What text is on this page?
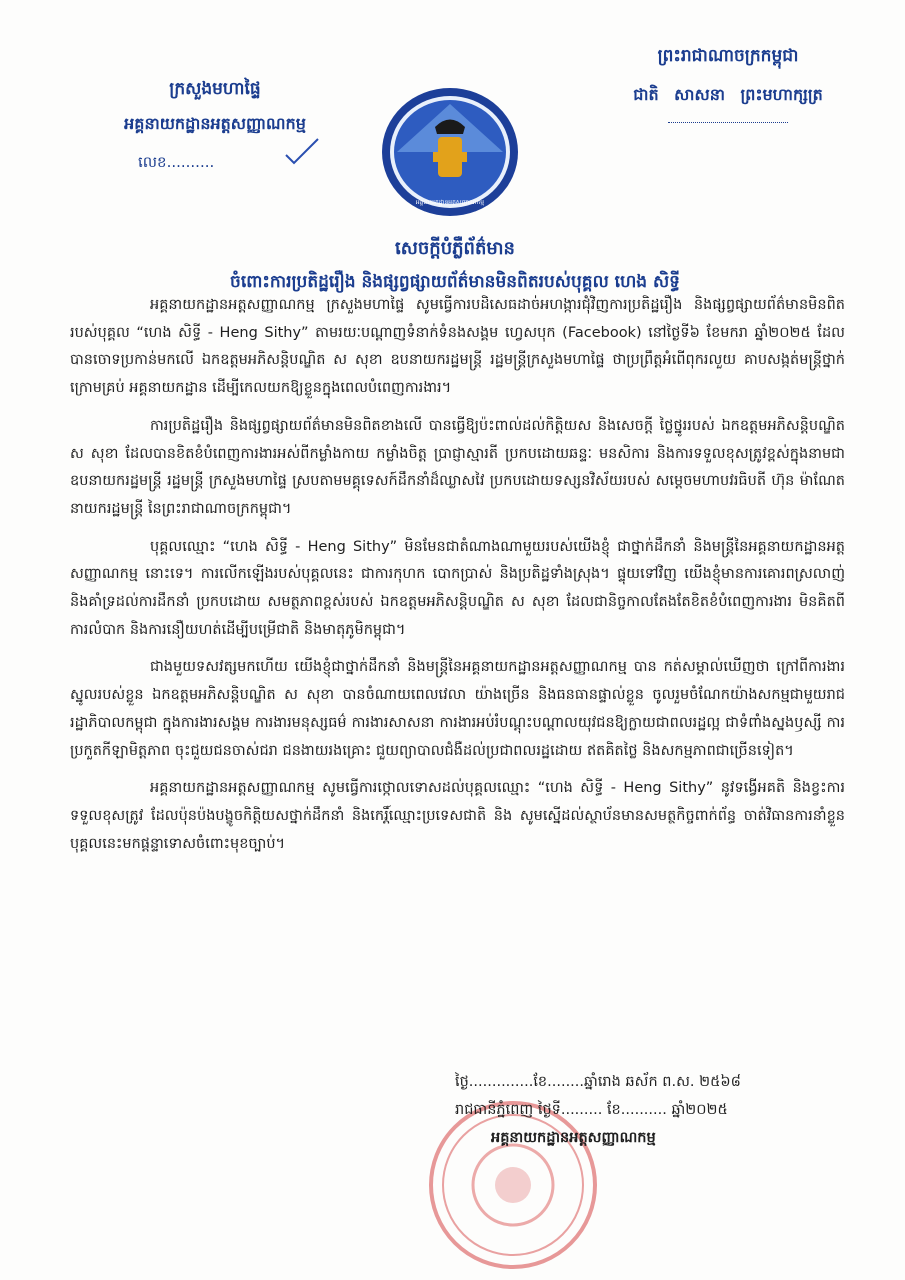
ក្រសួងមហាផ្ទៃ
អគ្គនាយកដ្ឋានអត្តសញ្ញាណកម្ម
លេខ..........
ព្រះរាជាណាចក្រកម្ពុជា
ជាតិ សាសនា ព្រះមហាក្សត្រ
អគ្គនាយកដ្ឋានអត្តសញ្ញាណកម្ម
សេចក្តីបំភ្លឺព័ត៌មាន
ចំពោះការប្រតិដ្ឋរឿង និងផ្សព្វផ្សាយព័ត៌មានមិនពិតរបស់បុគ្គល ហេង សិទ្ធី

អគ្គនាយកដ្ឋានអត្តសញ្ញាណកម្ម ក្រសួងមហាផ្ទៃ សូមធ្វើការបដិសេធដាច់អហង្ការជុំវិញការប្រតិដ្ឋរឿង និងផ្សព្វផ្សាយព័ត៌មានមិនពិតរបស់បុគ្គល “ហេង សិទ្ធី - Heng Sithy” តាមរយៈបណ្តាញទំនាក់ទំនងសង្គម ហ្វេសបុក (Facebook) នៅថ្ងៃទី៦ ខែមករា ឆ្នាំ២០២៥ ដែលបានចោទប្រកាន់មកលើ ឯកឧត្តមអភិសន្តិបណ្ឌិត ស សុខា ឧបនាយករដ្ឋមន្ត្រី រដ្ឋមន្ត្រីក្រសួងមហាផ្ទៃ ថាប្រព្រឹត្តអំពើពុករលួយ គាបសង្កត់មន្ត្រីថ្នាក់ក្រោមគ្រប់ អគ្គនាយកដ្ឋាន ដើម្បីកេលយកឱ្យខ្លួនក្នុងពេលបំពេញការងារ។

ការប្រតិដ្ឋរឿង និងផ្សព្វផ្សាយព័ត៌មានមិនពិតខាងលើ បានធ្វើឱ្យប៉ះពាល់ដល់កិត្តិយស និងសេចក្តី ថ្លៃថ្នូររបស់ ឯកឧត្តមអភិសន្តិបណ្ឌិត ស សុខា ដែលបានខិតខំបំពេញការងារអស់ពីកម្លាំងកាយ កម្លាំងចិត្ត ប្រាជ្ញាស្មារតី ប្រកបដោយឆន្ទៈ មនសិការ និងការទទួលខុសត្រូវខ្ពស់ក្នុងនាមជា ឧបនាយករដ្ឋមន្ត្រី រដ្ឋមន្ត្រី ក្រសួងមហាផ្ទៃ ស្របតាមមគ្គុទេសក៍ដឹកនាំដ៏ឈ្លាសវៃ ប្រកបដោយទស្សនវិស័យរបស់ សម្តេចមហាបវរធិបតី ហ៊ុន ម៉ាណែត នាយករដ្ឋមន្ត្រី នៃព្រះរាជាណាចក្រកម្ពុជា។

បុគ្គលឈ្មោះ “ហេង សិទ្ធី - Heng Sithy” មិនមែនជាតំណាងណាមួយរបស់យើងខ្ញុំ ជាថ្នាក់ដឹកនាំ និងមន្ត្រីនៃអគ្គនាយកដ្ឋានអត្តសញ្ញាណកម្ម នោះទេ។ ការលើកឡើងរបស់បុគ្គលនេះ ជាការកុហក បោកប្រាស់ និងប្រតិដ្ឋទាំងស្រុង។ ផ្ទុយទៅវិញ យើងខ្ញុំមានការគោរពស្រលាញ់ និងគាំទ្រដល់ការដឹកនាំ ប្រកបដោយ សមត្ថភាពខ្ពស់របស់ ឯកឧត្តមអភិសន្តិបណ្ឌិត ស សុខា ដែលជានិច្ចកាលតែងតែខិតខំបំពេញការងារ មិនគិតពីការលំបាក និងការនឿយហត់ដើម្បីបម្រើជាតិ និងមាតុភូមិកម្ពុជា។

ជាងមួយទសវត្សមកហើយ យើងខ្ញុំជាថ្នាក់ដឹកនាំ និងមន្ត្រីនៃអគ្គនាយកដ្ឋានអត្តសញ្ញាណកម្ម បាន កត់សម្គាល់ឃើញថា ក្រៅពីការងារស្នូលរបស់ខ្លួន ឯកឧត្តមអភិសន្តិបណ្ឌិត ស សុខា បានចំណាយពេលវេលា យ៉ាងច្រើន និងធនធានផ្ទាល់ខ្លួន ចូលរួមចំណែកយ៉ាងសកម្មជាមួយរាជរដ្ឋាភិបាលកម្ពុជា ក្នុងការងារសង្គម ការងារមនុស្សធម៌ ការងារសាសនា ការងារអប់រំបណ្តុះបណ្តាលយុវជនឱ្យក្លាយជាពលរដ្ឋល្អ ជាទំពាំងស្នងឫស្សី ការប្រកួតកីឡាមិត្តភាព ចុះជួយជនចាស់ជរា ជនងាយរងគ្រោះ ជួយព្យាបាលជំងឺដល់ប្រជាពលរដ្ឋដោយ ឥតគិតថ្លៃ និងសកម្មភាពជាច្រើនទៀត។

អគ្គនាយកដ្ឋានអត្តសញ្ញាណកម្ម សូមធ្វើការថ្កោលទោសដល់បុគ្គលឈ្មោះ “ហេង សិទ្ធី - Heng Sithy” នូវទង្វើអគតិ និងខ្វះការទទួលខុសត្រូវ ដែលប៉ុនប៉ងបង្ខូចកិត្តិយសថ្នាក់ដឹកនាំ និងកេរ្តិ៍ឈ្មោះប្រទេសជាតិ និង សូមស្នើដល់ស្ថាប័នមានសមត្ថកិច្ចពាក់ព័ន្ធ ចាត់វិធានការនាំខ្លួនបុគ្គលនេះមកផ្តន្ទាទោសចំពោះមុខច្បាប់។

ថ្ងៃ..............ខែ........ឆ្នាំរោង ឆស័ក ព.ស. ២៥៦៨
រាជធានីភ្នំពេញ ថ្ងៃទី......... ខែ.......... ឆ្នាំ២០២៥
អគ្គនាយកដ្ឋានអត្តសញ្ញាណកម្ម
